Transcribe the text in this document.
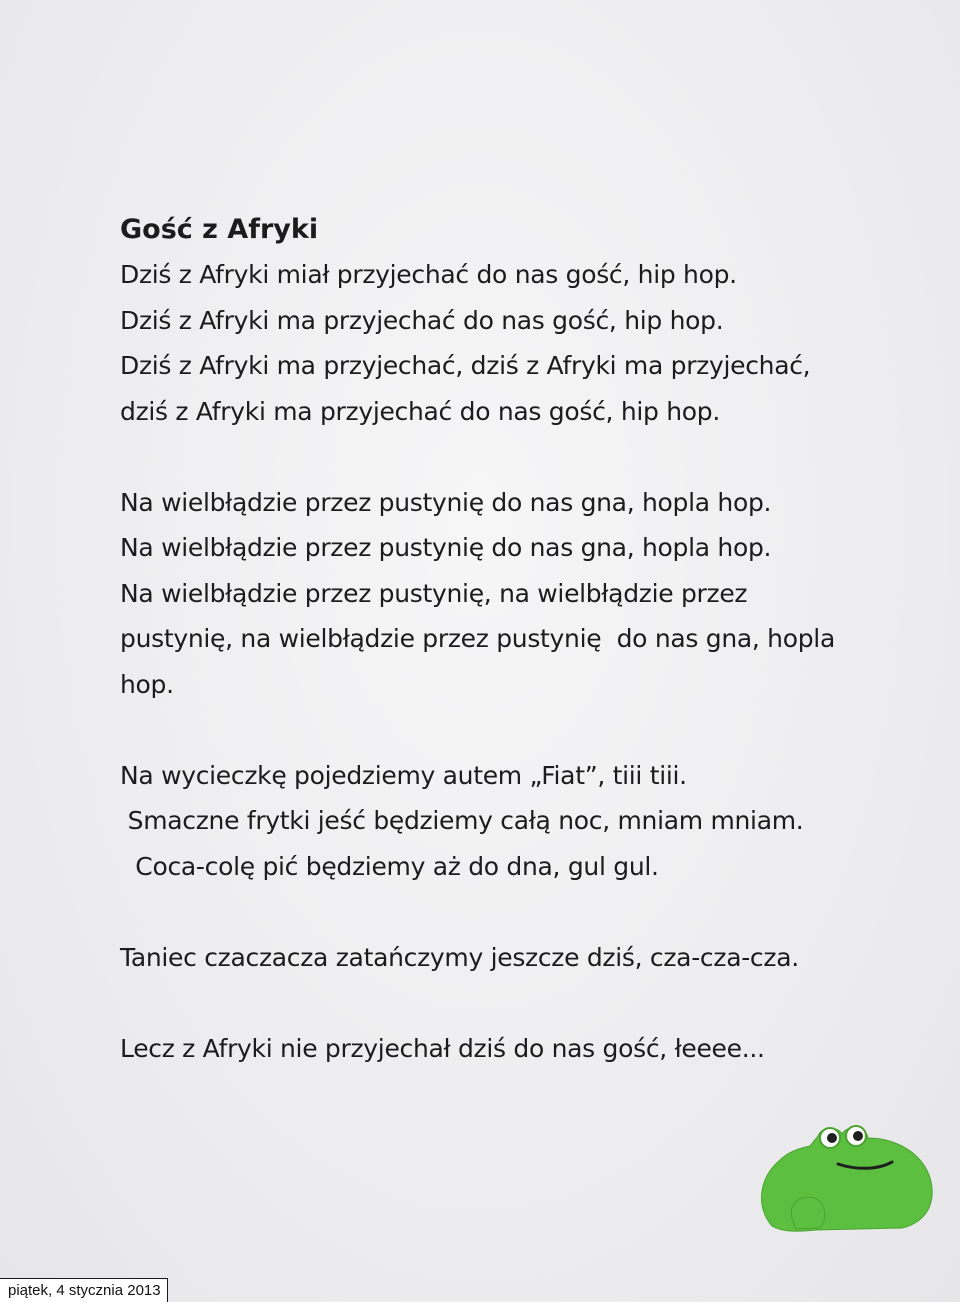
Gość z Afryki
Dziś z Afryki miał przyjechać do nas gość, hip hop.
Dziś z Afryki ma przyjechać do nas gość, hip hop.
Dziś z Afryki ma przyjechać, dziś z Afryki ma przyjechać,
dziś z Afryki ma przyjechać do nas gość, hip hop.
Na wielbłądzie przez pustynię do nas gna, hopla hop.
Na wielbłądzie przez pustynię do nas gna, hopla hop.
Na wielbłądzie przez pustynię, na wielbłądzie przez
pustynię, na wielbłądzie przez pustynię  do nas gna, hopla
hop.
Na wycieczkę pojedziemy autem „Fiat”, tiii tiii.
Smaczne frytki jeść będziemy całą noc, mniam mniam.
Coca-colę pić będziemy aż do dna, gul gul.
Taniec czaczacza zatańczymy jeszcze dziś, cza-cza-cza.
Lecz z Afryki nie przyjechał dziś do nas gość, łeeee...
piątek, 4 stycznia 2013
